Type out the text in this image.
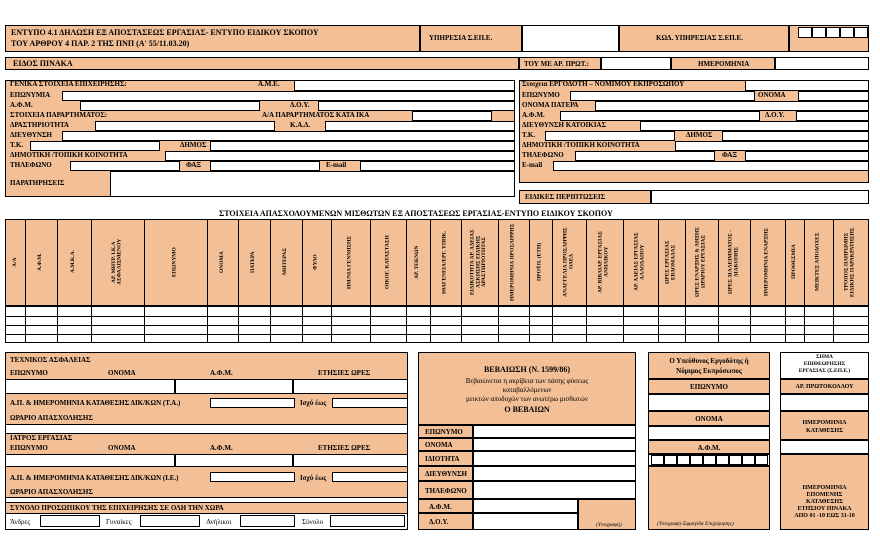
ΕΝΤΥΠΟ 4.1 ΔΗΛΩΣΗ ΕΞ ΑΠΟΣΤΑΣΕΩΣ ΕΡΓΑΣΙΑΣ- ΕΝΤΥΠΟ ΕΙΔΙΚΟΥ ΣΚΟΠΟΥ
ΤΟΥ ΑΡΘΡΟΥ 4 ΠΑΡ. 2 ΤΗΣ ΠΝΠ (Α' 55/11.03.20)
ΥΠΗΡΕΣΙΑ Σ.ΕΠ.Ε.	ΚΩΔ. ΥΠΗΡΕΣΙΑΣ Σ.ΕΠ.Ε.
ΕΙΔΟΣ ΠΙΝΑΚΑ	ΤΟΥ ΜΕ ΑΡ. ΠΡΩΤ.:	ΗΜΕΡΟΜΗΝΙΑ
ΓΕΝΙΚΑ ΣΤΟΙΧΕΙΑ ΕΠΙΧΕΙΡΗΣΗΣ:	Α.Μ.Ε.
ΕΠΩΝΥΜΙΑ
Α.Φ.Μ.	Δ.Ο.Υ.
ΣΤΟΙΧΕΙΑ ΠΑΡΑΡΤΗΜΑΤΟΣ:	Α/Α ΠΑΡΑΡΤΗΜΑΤΟΣ ΚΑΤΑ ΙΚΑ
ΔΡΑΣΤΗΡΙΟΤΗΤΑ	Κ.Α.Δ.
ΔΙΕΥΘΥΝΣΗ
Τ.Κ.	ΔΗΜΟΣ
ΔΗΜΟΤΙΚΗ /ΤΟΠΙΚΗ ΚΟΙΝΟΤΗΤΑ
ΤΗΛΕΦΩΝΟ	ΦΑΞ	E-mail
ΠΑΡΑΤΗΡΗΣΕΙΣ
Στοιχεια ΕΡΓΟΔΟΤΗ – ΝΟΜΙΜΟΥ ΕΚΠΡΟΣΩΠΟΥ
ΕΠΩΝΥΜΟ	ΟΝΟΜΑ
ΟΝΟΜΑ ΠΑΤΕΡΑ
Α.Φ.Μ.	Δ.Ο.Υ.
ΔΙΕΥΘΥΝΣΗ ΚΑΤΟΙΚΙΑΣ
Τ.Κ.	ΔΗΜΟΣ
ΔΗΜΟΤΙΚΗ /ΤΟΠΙΚΗ ΚΟΙΝΟΤΗΤΑ
ΤΗΛΕΦΩΝΟ	ΦΑΞ
E-mail
ΕΙΔΙΚΕΣ ΠΕΡΙΠΤΩΣΕΙΣ
ΣΤΟΙΧΕΙΑ ΑΠΑΣΧΟΛΟΥΜΕΝΩΝ ΜΙΣΘΩΤΩΝ ΕΞ ΑΠΟΣΤΑΣΕΩΣ ΕΡΓΑΣΙΑΣ-ΕΝΤΥΠΟ ΕΙΔΙΚΟΥ ΣΚΟΠΟΥ
Α/Α	Α.Φ.Μ.	Α.Μ.Κ.Α.	ΑΡ. ΜΗΤΡ. Ι.Κ.Α ΑΣΦΑΛΙΣΜΕΝΟΥ	ΕΠΩΝΥΜΟ	ΟΝΟΜΑ	ΠΑΤΕΡΑ	ΜΗΤΕΡΑΣ	ΦΥΛΟ	ΗΜ/ΝΙΑ ΓΕΝΝΗΣΗΣ	ΟΙΚΟΓ. ΚΑΤΑΣΤΑΣΗ	ΑΡ. ΤΕΚΝΩΝ	ΙΘΑΓΕΝΕΙΑ/ΕΡΓ. ΥΠΗΚ.	ΕΙΔΙΚΟΤΗΤΑ ΑΡ. ΑΔΕΙΑΣ ΑΣΚΗΣΗΣ ΕΙΔΙΚΗΣ ΔΡΑΣΤΗΡΙΟΤΗΤΑΣ	ΗΜΕΡΟΜΗΝΙΑ ΠΡΟΣΛΗΨΗΣ	ΠΡΟΫΠ. (ΕΤΗ)	ΑΝΑΓΓΕΛΙΑ ΠΡΟΣΛΗΨΗΣ ΟΑΕΔ	ΑΡ. ΒΙΒΛΙΑΡ. ΕΡΓΑΣΙΑΣ ΑΝΗΛΙΚΟΥ	ΑΡ. ΑΔΕΙΑΣ ΕΡΓΑΣΙΑΣ ΑΛΛΟΔΑΠΟΥ	ΩΡΕΣ ΕΡΓΑΣΙΑΣ ΕΒΔΟΜΑΔΑΣ	ΩΡΕΣ ΕΝΑΡΞΗΣ & ΛΗΞΗΣ ΩΡΑΡΙΟΥ ΕΡΓΑΣΙΑΣ	ΩΡΕΣ ΔΙΑΛΕΙΜΜΑΤΟΣ - ΔΙΑΚΟΠΗΣ	ΗΜΕΡΟΜΗΝΙΑ ΕΝΑΡΞΗΣ	ΠΡΟΘΕΣΜΙΑ	ΜΕΙΚΤΕΣ ΑΠΟΔΟΧΕΣ	ΤΡΟΠΟΣ ΠΛΗΡΩΜΗΣ ΕΙΔΙΚΗΣ ΠΑΡΑΚΡΑΤΗΣΗΣ
ΤΕΧΝΙΚΟΣ ΑΣΦΑΛΕΙΑΣ
ΕΠΩΝΥΜΟ	ΟΝΟΜΑ	Α.Φ.Μ.	ΕΤΗΣΙΕΣ ΩΡΕΣ
Α.Π. & ΗΜΕΡΟΜΗΝΙΑ ΚΑΤΑΘΕΣΗΣ ΔΙΚ/ΚΩΝ (Τ.Α.)	Ισχύ έως
ΩΡΑΡΙΟ ΑΠΑΣΧΟΛΗΣΗΣ
ΙΑΤΡΟΣ ΕΡΓΑΣΙΑΣ
ΕΠΩΝΥΜΟ	ΟΝΟΜΑ	Α.Φ.Μ.	ΕΤΗΣΙΕΣ ΩΡΕΣ
Α.Π. & ΗΜΕΡΟΜΗΝΙΑ ΚΑΤΑΘΕΣΗΣ ΔΙΚ/ΚΩΝ (Ι.Ε.)	Ισχύ έως
ΩΡΑΡΙΟ ΑΠΑΣΧΟΛΗΣΗΣ
ΣΥΝΟΛΟ ΠΡΟΣΩΠΙΚΟΥ ΤΗΣ ΕΠΙΧΕΙΡΗΣΗΣ ΣΕ ΟΛΗ ΤΗΝ ΧΩΡΑ
Άνδρες	Γυναίκες	Ανήλικοι	Σύνολο
ΒΕΒΑΙΩΣΗ (Ν. 1599/86)
Βεβαιώνεται η ακρίβεια των πάσης φύσεως
καταβαλλόμενων
μεικτών αποδοχών των ανωτέρω μισθωτών
Ο ΒΕΒΑΙΩΝ
ΕΠΩΝΥΜΟ
ΟΝΟΜΑ
ΙΔΙΟΤΗΤΑ
ΔΙΕΥΘΥΝΣΗ
ΤΗΛΕΦΩΝΟ
Α.Φ.Μ.
Δ.Ο.Υ.	(Υπογραφή)
Ο Υπεύθυνος Εργοδότης ή
Νόμιμος Εκπρόσωπος
ΕΠΩΝΥΜΟ
ΟΝΟΜΑ
Α.Φ.Μ.
(Υπογραφή-Σφραγίδα Επιχείρησης)
ΣΗΜΑ
ΕΠΙΘΕΩΡΗΣΗΣ
ΕΡΓΑΣΙΑΣ (Σ.ΕΠ.Ε.)
ΑΡ. ΠΡΩΤΟΚΟΛΛΟΥ
ΗΜΕΡΟΜΗΝΙΑ
ΚΑΤΑΘΕΣΗΣ
ΗΜΕΡΟΜΗΝΙΑ
ΕΠΟΜΕΝΗΣ
ΚΑΤΑΘΕΣΗΣ
ΕΤΗΣΙΟΥ ΠΙΝΑΚΑ
ΑΠΟ 01 -10 ΕΩΣ 31-10
